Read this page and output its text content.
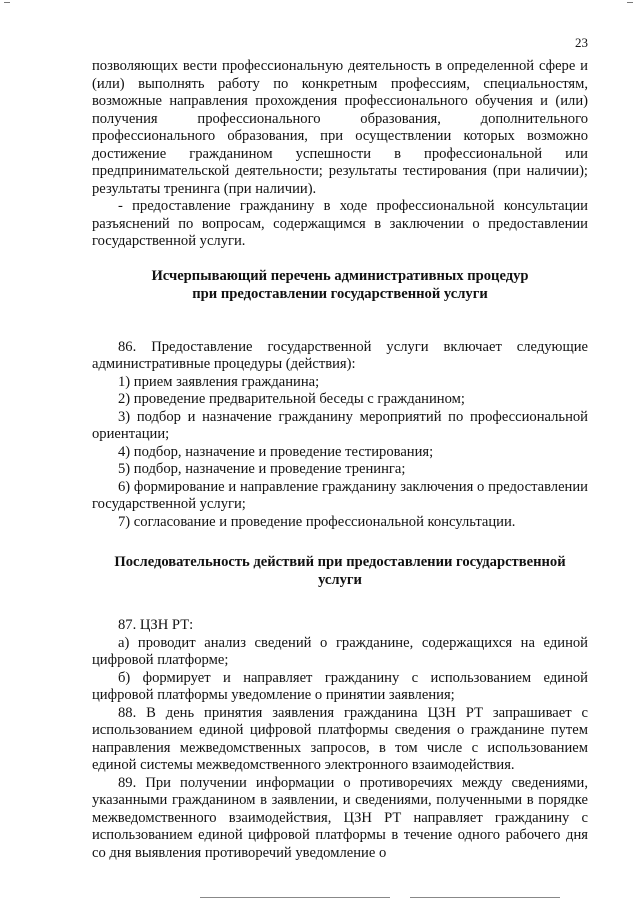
23

позволяющих вести профессиональную деятельность в определенной сфере и (или) выполнять работу по конкретным профессиям, специальностям, возможные направления прохождения профессионального обучения и (или) получения профессионального образования, дополнительного профессионального образования, при осуществлении которых возможно достижение гражданином успешности в профессиональной или предпринимательской деятельности; результаты тестирования (при наличии); результаты тренинга (при наличии).

- предоставление гражданину в ходе профессиональной консультации разъяснений по вопросам, содержащимся в заключении о предоставлении государственной услуги.

Исчерпывающий перечень административных процедур

при предоставлении государственной услуги

86. Предоставление государственной услуги включает следующие административные процедуры (действия):

1) прием заявления гражданина;

2) проведение предварительной беседы с гражданином;

3) подбор и назначение гражданину мероприятий по профессиональной ориентации;

4) подбор, назначение и проведение тестирования;

5) подбор, назначение и проведение тренинга;

6) формирование и направление гражданину заключения о предоставлении государственной услуги;

7) согласование и проведение профессиональной консультации.

Последовательность действий при предоставлении государственной услуги

87. ЦЗН РТ:

а) проводит анализ сведений о гражданине, содержащихся на единой цифровой платформе;

б) формирует и направляет гражданину с использованием единой цифровой платформы уведомление о принятии заявления;

88. В день принятия заявления гражданина ЦЗН РТ запрашивает с использованием единой цифровой платформы сведения о гражданине путем направления межведомственных запросов, в том числе с использованием единой системы межведомственного электронного взаимодействия.

89. При получении информации о противоречиях между сведениями, указанными гражданином в заявлении, и сведениями, полученными в порядке межведомственного взаимодействия, ЦЗН РТ направляет гражданину с использованием единой цифровой платформы в течение одного рабочего дня со дня выявления противоречий уведомление о
